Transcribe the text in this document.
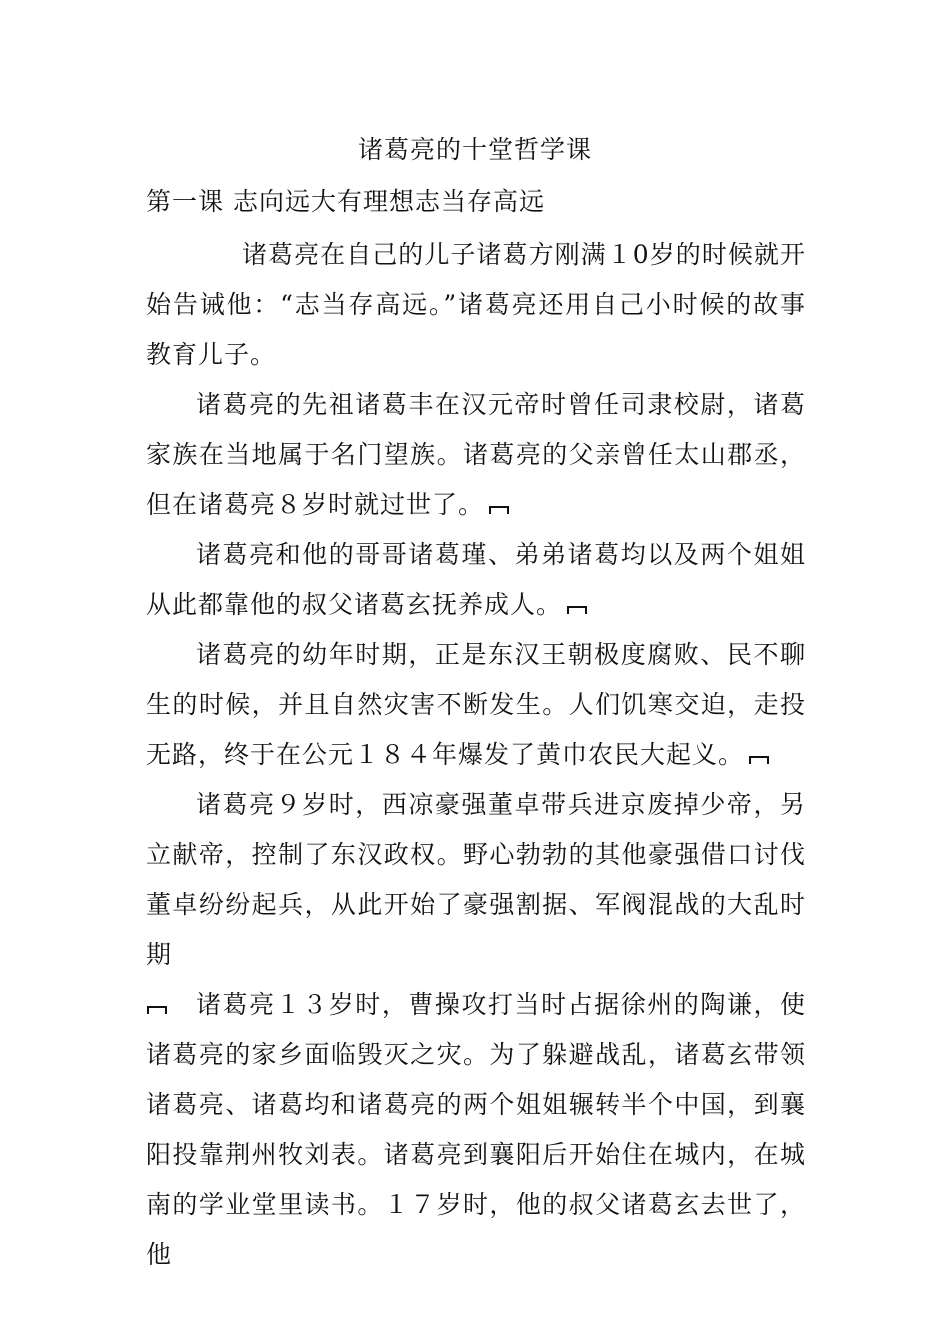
诸葛亮的十堂哲学课
第一课 志向远大有理想志当存高远

诸葛亮在自己的儿子诸葛方刚满１0岁的时候就开始告诫他：“志当存高远。”诸葛亮还用自己小时候的故事教育儿子。

诸葛亮的先祖诸葛丰在汉元帝时曾任司隶校尉，诸葛家族在当地属于名门望族。诸葛亮的父亲曾任太山郡丞，但在诸葛亮８岁时就过世了。

诸葛亮和他的哥哥诸葛瑾、弟弟诸葛均以及两个姐姐从此都靠他的叔父诸葛玄抚养成人。

诸葛亮的幼年时期，正是东汉王朝极度腐败、民不聊生的时候，并且自然灾害不断发生。人们饥寒交迫，走投无路，终于在公元１８４年爆发了黄巾农民大起义。

诸葛亮９岁时，西凉豪强董卓带兵进京废掉少帝，另立献帝，控制了东汉政权。野心勃勃的其他豪强借口讨伐董卓纷纷起兵，从此开始了豪强割据、军阀混战的大乱时期

诸葛亮１３岁时，曹操攻打当时占据徐州的陶谦，使诸葛亮的家乡面临毁灭之灾。为了躲避战乱，诸葛玄带领诸葛亮、诸葛均和诸葛亮的两个姐姐辗转半个中国，到襄阳投靠荆州牧刘表。诸葛亮到襄阳后开始住在城内，在城南的学业堂里读书。１７岁时，他的叔父诸葛玄去世了，他
